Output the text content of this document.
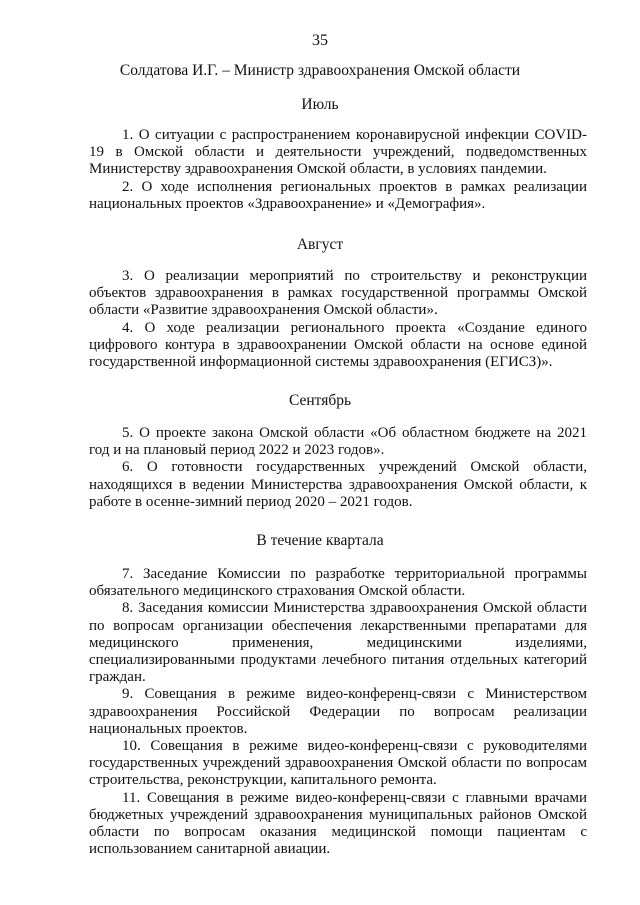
35
Солдатова И.Г. – Министр здравоохранения Омской области
Июль

1. О ситуации с распространением коронавирусной инфекции COVID-19 в Омской области и деятельности учреждений, подведомственных Министерству здравоохранения Омской области, в условиях пандемии.

2. О ходе исполнения региональных проектов в рамках реализации национальных проектов «Здравоохранение» и «Демография».

Август

3. О реализации мероприятий по строительству и реконструкции объектов здравоохранения в рамках государственной программы Омской области «Развитие здравоохранения Омской области».

4. О ходе реализации регионального проекта «Создание единого цифрового контура в здравоохранении Омской области на основе единой государственной информационной системы здравоохранения (ЕГИСЗ)».

Сентябрь

5. О проекте закона Омской области «Об областном бюджете на 2021 год и на плановый период 2022 и 2023 годов».

6. О готовности государственных учреждений Омской области, находящихся в ведении Министерства здравоохранения Омской области, к работе в осенне-зимний период 2020 – 2021 годов.

В течение квартала

7. Заседание Комиссии по разработке территориальной программы обязательного медицинского страхования Омской области.

8. Заседания комиссии Министерства здравоохранения Омской области по вопросам организации обеспечения лекарственными препаратами для медицинского применения, медицинскими изделиями, специализированными продуктами лечебного питания отдельных категорий граждан.

9. Совещания в режиме видео-конференц-связи с Министерством здравоохранения Российской Федерации по вопросам реализации национальных проектов.

10. Совещания в режиме видео-конференц-связи с руководителями государственных учреждений здравоохранения Омской области по вопросам строительства, реконструкции, капитального ремонта.

11. Совещания в режиме видео-конференц-связи с главными врачами бюджетных учреждений здравоохранения муниципальных районов Омской области по вопросам оказания медицинской помощи пациентам с использованием санитарной авиации.
